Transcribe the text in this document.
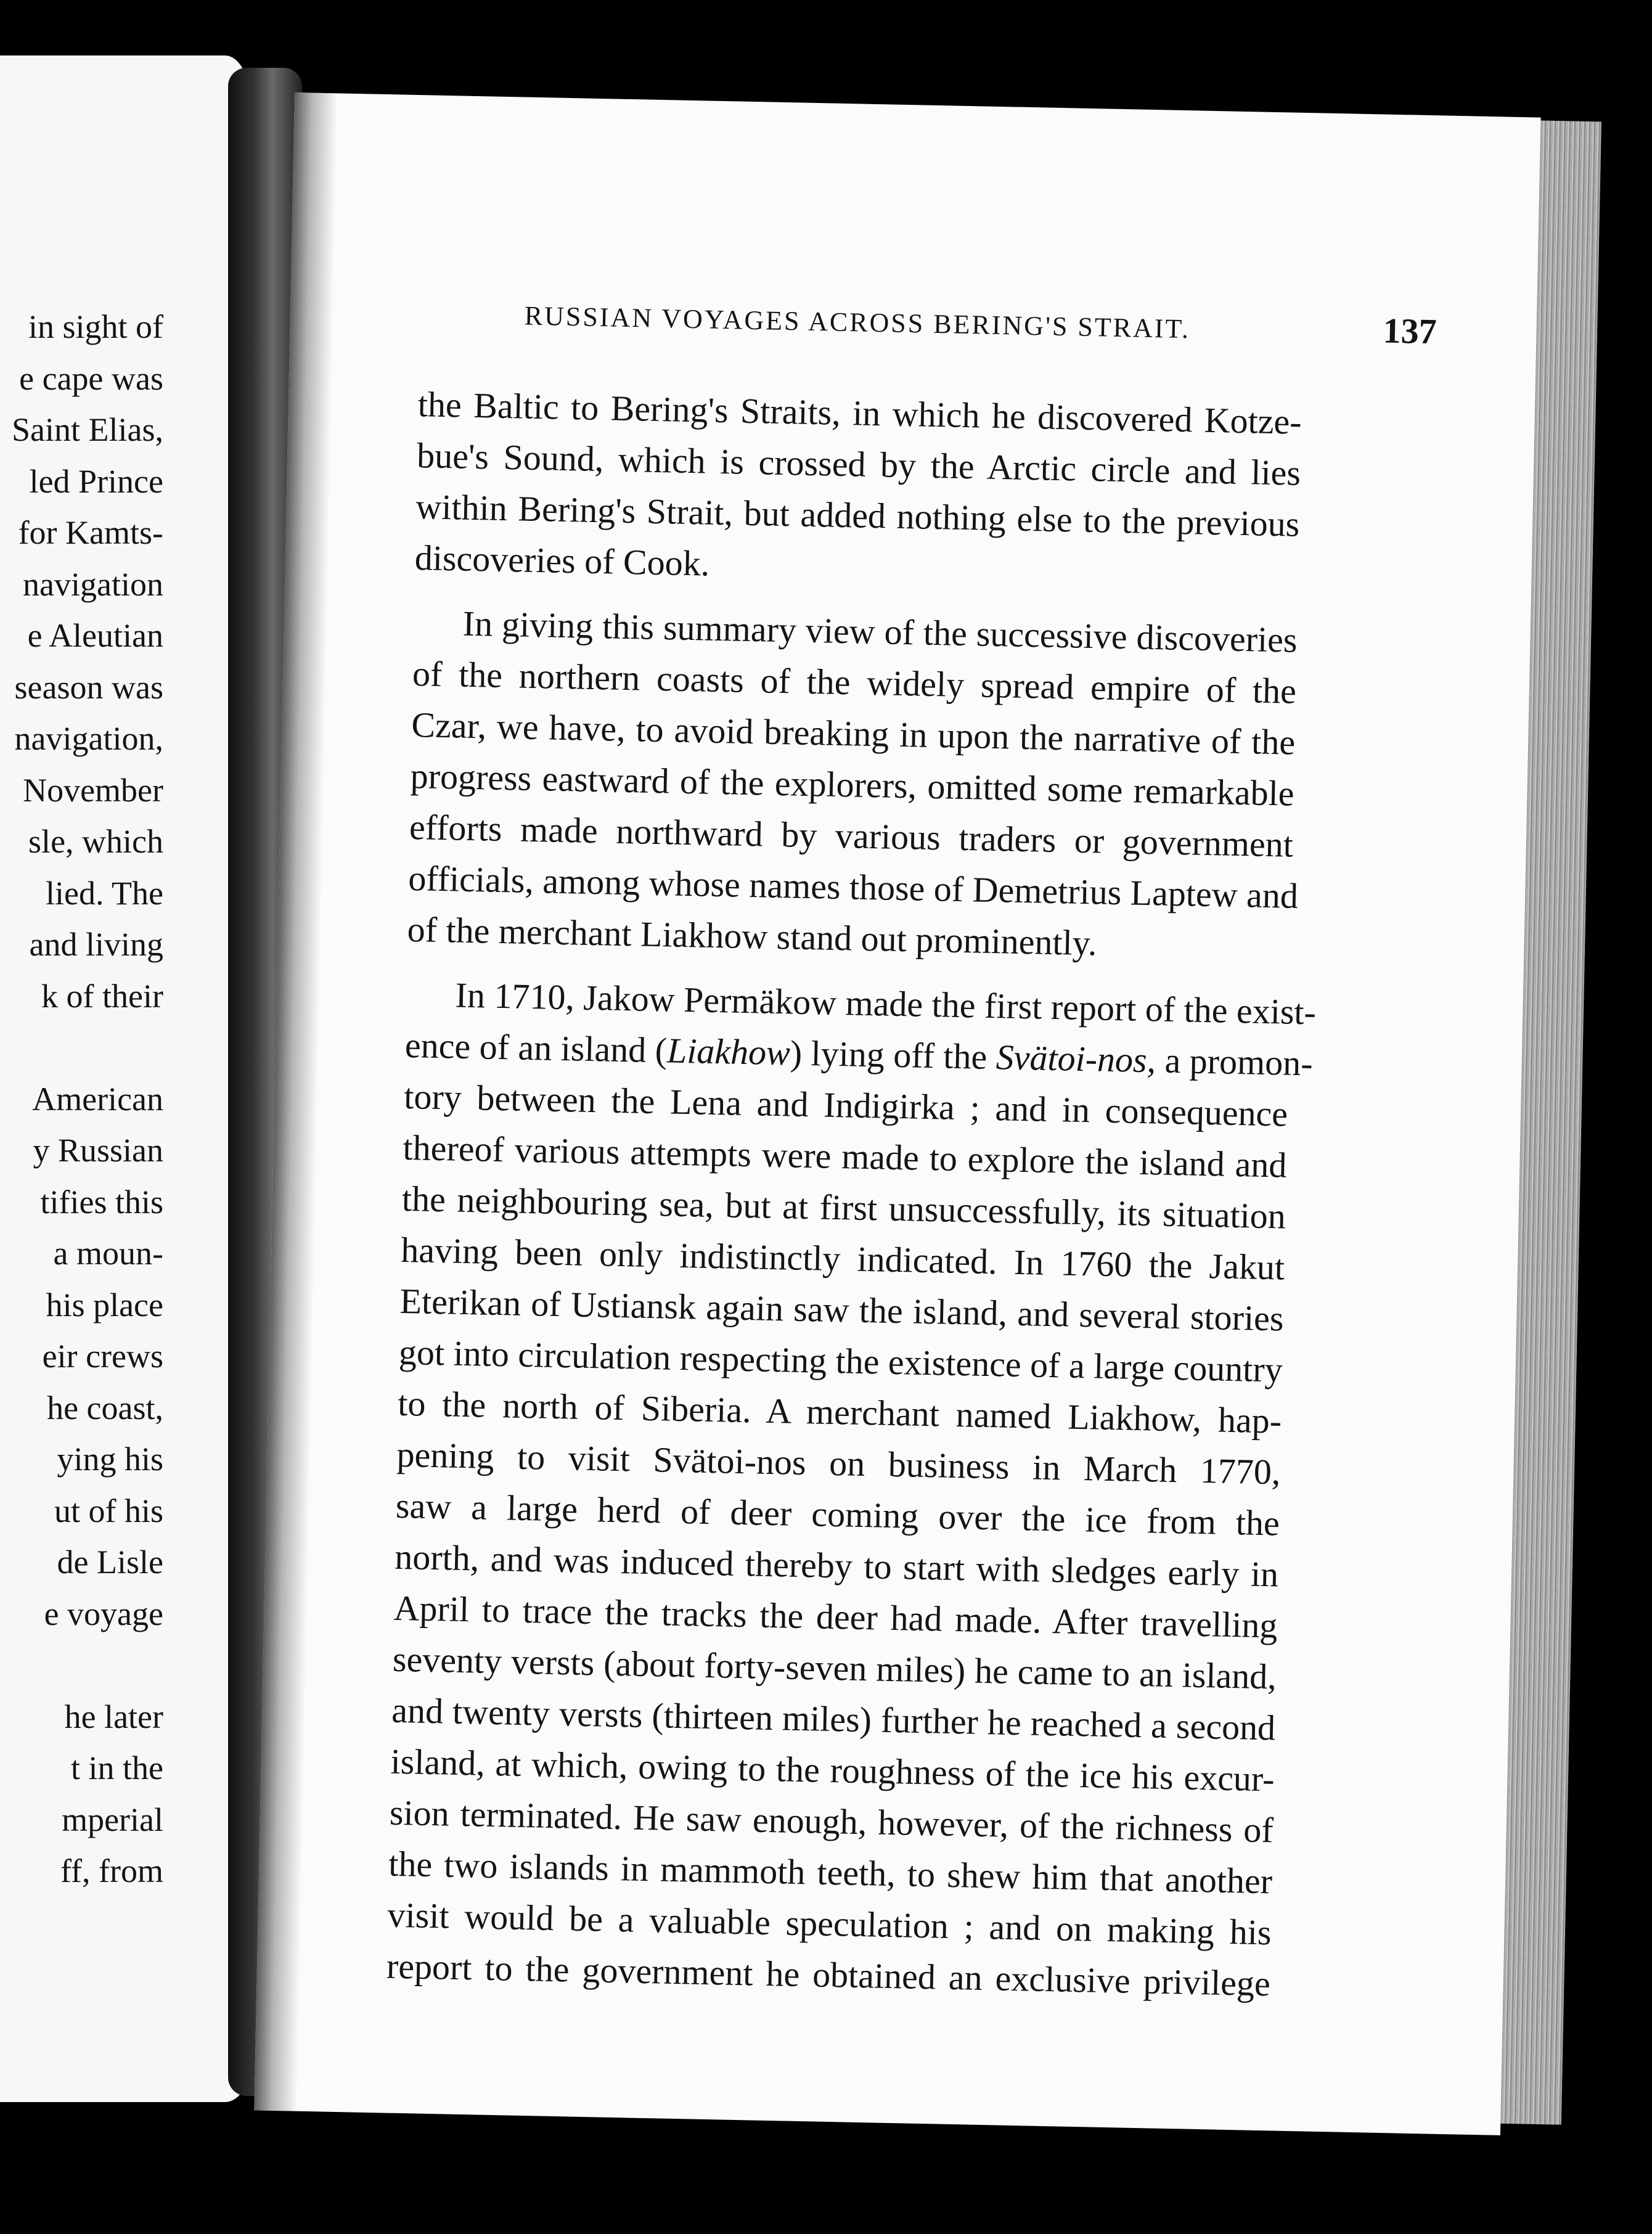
in sight of
e cape was
Saint Elias,
led Prince
for Kamts-
navigation
e Aleutian
season was
navigation,
November
sle, which
lied. The
and living
k of their
American
y Russian
tifies this
a moun-
his place
eir crews
he coast,
ying his
ut of his
de Lisle
e voyage
he later
t in the
mperial
ff, from
RUSSIAN VOYAGES ACROSS BERING'S STRAIT.	137
the Baltic to Bering's Straits, in which he discovered Kotze-
bue's Sound, which is crossed by the Arctic circle and lies
within Bering's Strait, but added nothing else to the previous
discoveries of Cook.
In giving this summary view of the successive discoveries
of the northern coasts of the widely spread empire of the
Czar, we have, to avoid breaking in upon the narrative of the
progress eastward of the explorers, omitted some remarkable
efforts made northward by various traders or government
officials, among whose names those of Demetrius Laptew and
of the merchant Liakhow stand out prominently.
In 1710, Jakow Permäkow made the first report of the exist-
ence of an island (Liakhow) lying off the Svätoi-nos, a promon-
tory between the Lena and Indigirka ; and in consequence
thereof various attempts were made to explore the island and
the neighbouring sea, but at first unsuccessfully, its situation
having been only indistinctly indicated. In 1760 the Jakut
Eterikan of Ustiansk again saw the island, and several stories
got into circulation respecting the existence of a large country
to the north of Siberia. A merchant named Liakhow, hap-
pening to visit Svätoi-nos on business in March 1770,
saw a large herd of deer coming over the ice from the
north, and was induced thereby to start with sledges early in
April to trace the tracks the deer had made. After travelling
seventy versts (about forty-seven miles) he came to an island,
and twenty versts (thirteen miles) further he reached a second
island, at which, owing to the roughness of the ice his excur-
sion terminated. He saw enough, however, of the richness of
the two islands in mammoth teeth, to shew him that another
visit would be a valuable speculation ; and on making his
report to the government he obtained an exclusive privilege
